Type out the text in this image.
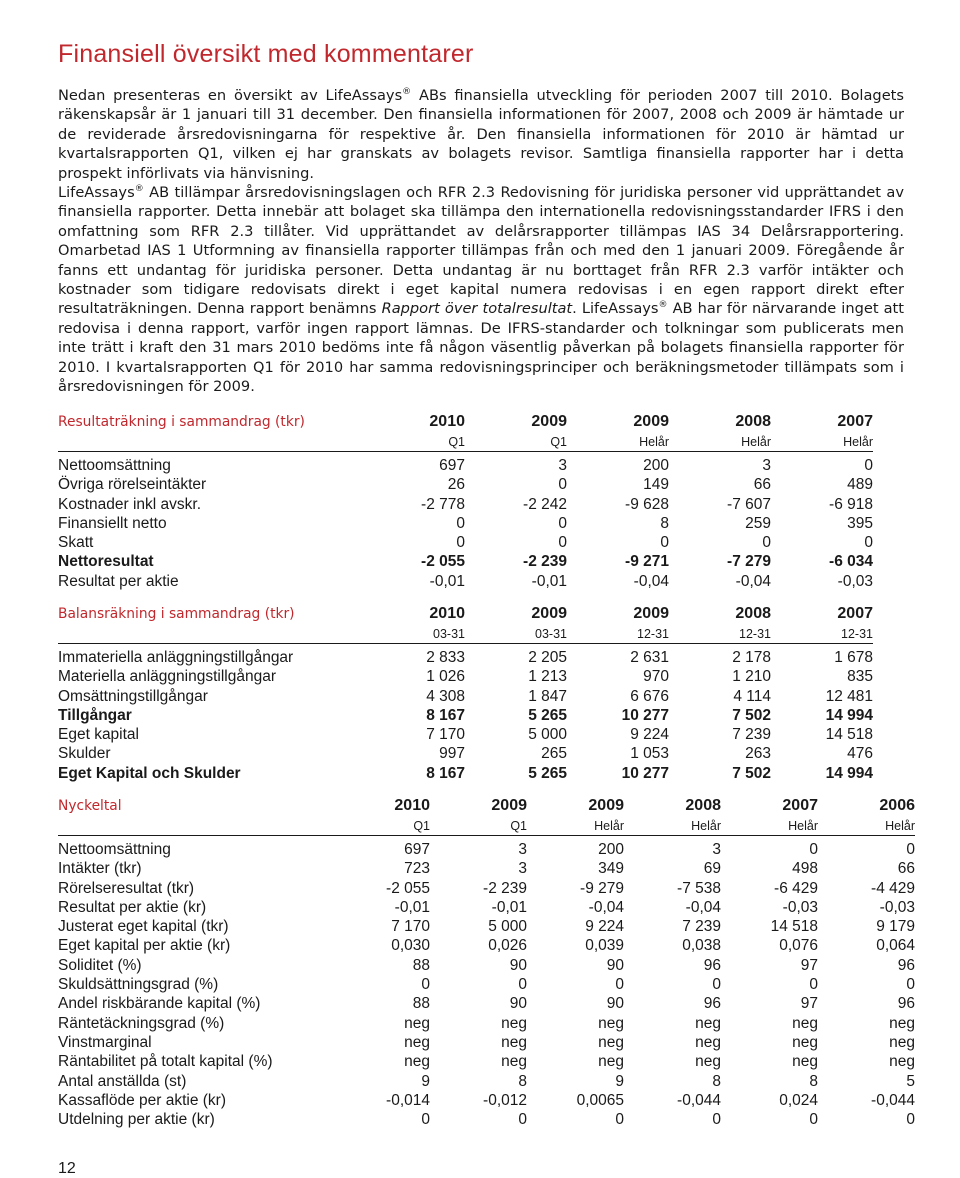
Finansiell översikt med kommentarer

Nedan presenteras en översikt av LifeAssays® ABs finansiella utveckling för perioden 2007 till 2010. Bolagets räkenskapsår är 1 januari till 31 december. Den finansiella informationen för 2007, 2008 och 2009 är hämtade ur de reviderade årsredovisningarna för respektive år. Den finansiella informationen för 2010 är hämtad ur kvartalsrapporten Q1, vilken ej har granskats av bolagets revisor. Samtliga finansiella rapporter har i detta prospekt införlivats via hänvisning.

LifeAssays® AB tillämpar årsredovisningslagen och RFR 2.3 Redovisning för juridiska personer vid upprättandet av finansiella rapporter. Detta innebär att bolaget ska tillämpa den internationella redovisningsstandarder IFRS i den omfattning som RFR 2.3 tillåter. Vid upprättandet av delårsrapporter tillämpas IAS 34 Delårsrapportering. Omarbetad IAS 1 Utformning av finansiella rapporter tillämpas från och med den 1 januari 2009. Föregående år fanns ett undantag för juridiska personer. Detta undantag är nu borttaget från RFR 2.3 varför intäkter och kostnader som tidigare redovisats direkt i eget kapital numera redovisas i en egen rapport direkt efter resultaträkningen. Denna rapport benämns Rapport över totalresultat. LifeAssays® AB har för närvarande inget att redovisa i denna rapport, varför ingen rapport lämnas. De IFRS-standarder och tolkningar som publicerats men inte trätt i kraft den 31 mars 2010 bedöms inte få någon väsentlig påverkan på bolagets finansiella rapporter för 2010. I kvartalsrapporten Q1 för 2010 har samma redovisningsprinciper och beräkningsmetoder tillämpats som i årsredovisningen för 2009.

Resultaträkning i sammandrag (tkr)	2010	2009	2009	2008	2007
	Q1	Q1	Helår	Helår	Helår

Nettoomsättning	697	3	200	3	0
Övriga rörelseintäkter	26	0	149	66	489
Kostnader inkl avskr.	-2 778	-2 242	-9 628	-7 607	-6 918
Finansiellt netto	0	0	8	259	395
Skatt	0	0	0	0	0
Nettoresultat	-2 055	-2 239	-9 271	-7 279	-6 034
Resultat per aktie	-0,01	-0,01	-0,04	-0,04	-0,03
Balansräkning i sammandrag (tkr)	2010	2009	2009	2008	2007
	03-31	03-31	12-31	12-31	12-31

Immateriella anläggningstillgångar	2 833	2 205	2 631	2 178	1 678
Materiella anläggningstillgångar	1 026	1 213	970	1 210	835
Omsättningstillgångar	4 308	1 847	6 676	4 114	12 481
Tillgångar	8 167	5 265	10 277	7 502	14 994
Eget kapital	7 170	5 000	9 224	7 239	14 518
Skulder	997	265	1 053	263	476
Eget Kapital och Skulder	8 167	5 265	10 277	7 502	14 994
Nyckeltal	2010	2009	2009	2008	2007	2006
	Q1	Q1	Helår	Helår	Helår	Helår

Nettoomsättning	697	3	200	3	0	0
Intäkter (tkr)	723	3	349	69	498	66
Rörelseresultat (tkr)	-2 055	-2 239	-9 279	-7 538	-6 429	-4 429
Resultat per aktie (kr)	-0,01	-0,01	-0,04	-0,04	-0,03	-0,03
Justerat eget kapital (tkr)	7 170	5 000	9 224	7 239	14 518	9 179
Eget kapital per aktie (kr)	0,030	0,026	0,039	0,038	0,076	0,064
Soliditet (%)	88	90	90	96	97	96
Skuldsättningsgrad (%)	0	0	0	0	0	0
Andel riskbärande kapital (%)	88	90	90	96	97	96
Räntetäckningsgrad (%)	neg	neg	neg	neg	neg	neg
Vinstmarginal	neg	neg	neg	neg	neg	neg
Räntabilitet på totalt kapital (%)	neg	neg	neg	neg	neg	neg
Antal anställda (st)	9	8	9	8	8	5
Kassaflöde per aktie (kr)	-0,014	-0,012	0,0065	-0,044	0,024	-0,044
Utdelning per aktie (kr)	0	0	0	0	0	0
12
